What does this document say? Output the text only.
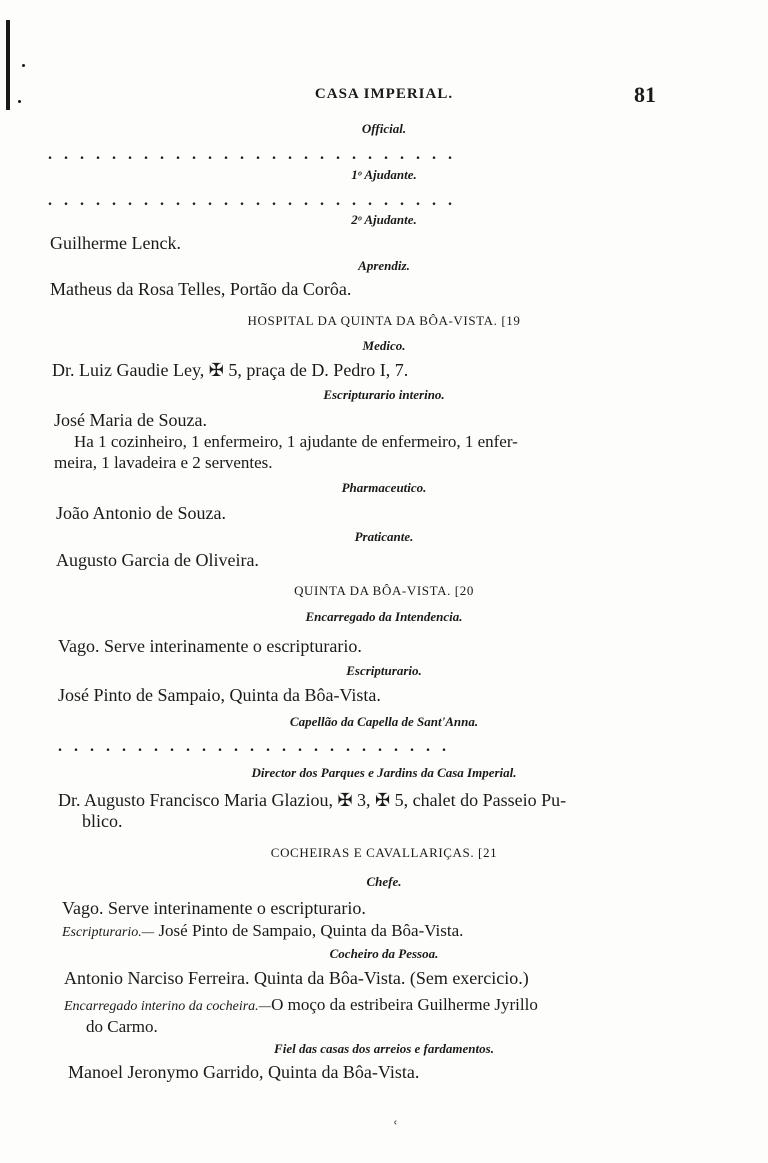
CASA IMPERIAL.	81
Official.
.   .   .   .   .   .   .   .   .   .   .   .   .   .   .   .   .   .   .   .   .   .   .   .   .   .
1ᵒ Ajudante.
.   .   .   .   .   .   .   .   .   .   .   .   .   .   .   .   .   .   .   .   .   .   .   .   .   .
2ᵒ Ajudante.
Guilherme Lenck.
Aprendiz.
Matheus da Rosa Telles, Portão da Corôa.
HOSPITAL DA QUINTA DA BÔA-VISTA. [19
Medico.
Dr. Luiz Gaudie Ley, ✠ 5, praça de D. Pedro I, 7.
Escripturario interino.
José Maria de Souza.
Ha 1 cozinheiro, 1 enfermeiro, 1 ajudante de enfermeiro, 1 enfer-
meira, 1 lavadeira e 2 serventes.
Pharmaceutico.
João Antonio de Souza.
Praticante.
Augusto Garcia de Oliveira.
QUINTA DA BÔA-VISTA. [20
Encarregado da Intendencia.
Vago. Serve interinamente o escripturario.
Escripturario.
José Pinto de Sampaio, Quinta da Bôa-Vista.
Capellão da Capella de Sant'Anna.
.   .   .   .   .   .   .   .   .   .   .   .   .   .   .   .   .   .   .   .   .   .   .   .   .
Director dos Parques e Jardins da Casa Imperial.
Dr. Augusto Francisco Maria Glaziou, ✠ 3, ✠ 5, chalet do Passeio Pu-
blico.
COCHEIRAS E CAVALLARIÇAS. [21
Chefe.
Vago. Serve interinamente o escripturario.
Escripturario.— José Pinto de Sampaio, Quinta da Bôa-Vista.
Cocheiro da Pessoa.
Antonio Narciso Ferreira. Quinta da Bôa-Vista. (Sem exercicio.)
Encarregado interino da cocheira.—O moço da estribeira Guilherme Jyrillo
do Carmo.
Fiel das casas dos arreios e fardamentos.
Manoel Jeronymo Garrido, Quinta da Bôa-Vista.
ʿ
